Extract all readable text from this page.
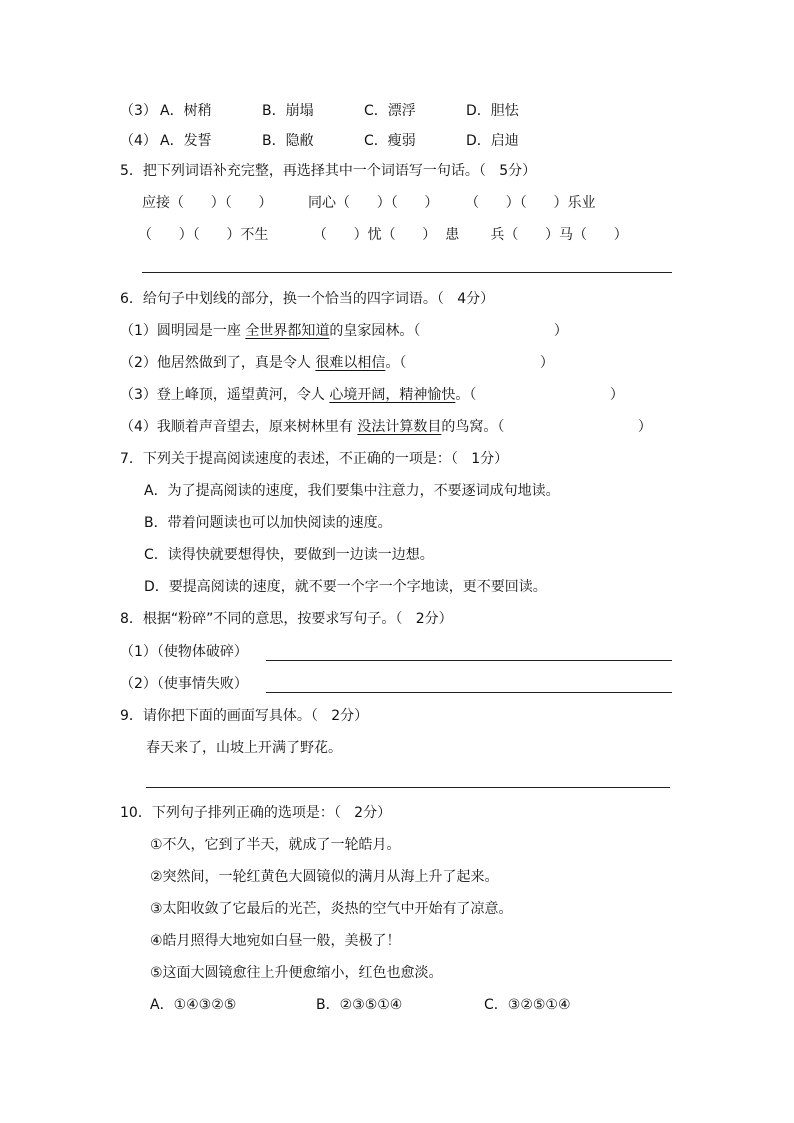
（3） A．树稍	B．崩塌	C．漂浮	D．胆怯
（4） A．发誓	B．隐敝	C．瘦弱	D．启迪
5．把下列词语补充完整，再选择其中一个词语写一句话。（   5分）
应接（      ）（      ）        同心（      ）（      ）      （      ）（      ）乐业
（      ）（      ）不生          （      ）忧（      ）  患       兵（      ）马（      ）
6．给句子中划线的部分，换一个恰当的四字词语。（   4分）
（1）圆明园是一座 全世界都知道的皇家园林。（                              ）
（2）他居然做到了，真是令人 很难以相信。（                              ）
（3）登上峰顶，遥望黄河，令人 心境开阔，精神愉快。（                              ）
（4）我顺着声音望去，原来树林里有 没法计算数目的鸟窝。（                              ）
7．下列关于提高阅读速度的表述，不正确的一项是：（   1分）
A．为了提高阅读的速度，我们要集中注意力，不要逐词成句地读。
B．带着问题读也可以加快阅读的速度。
C．读得快就要想得快，要做到一边读一边想。
D．要提高阅读的速度，就不要一个字一个字地读，更不要回读。
8．根据“粉碎”不同的意思，按要求写句子。（   2分）
（1）（使物体破碎）
（2）（使事情失败）
9．请你把下面的画面写具体。（   2分）
春天来了，山坡上开满了野花。
10．下列句子排列正确的选项是：（   2分）
①不久，它到了半天，就成了一轮皓月。
②突然间，一轮红黄色大圆镜似的满月从海上升了起来。
③太阳收敛了它最后的光芒，炎热的空气中开始有了凉意。
④皓月照得大地宛如白昼一般，美极了！
⑤这面大圆镜愈往上升便愈缩小，红色也愈淡。
A．①④③②⑤	B．②③⑤①④	C．③②⑤①④
